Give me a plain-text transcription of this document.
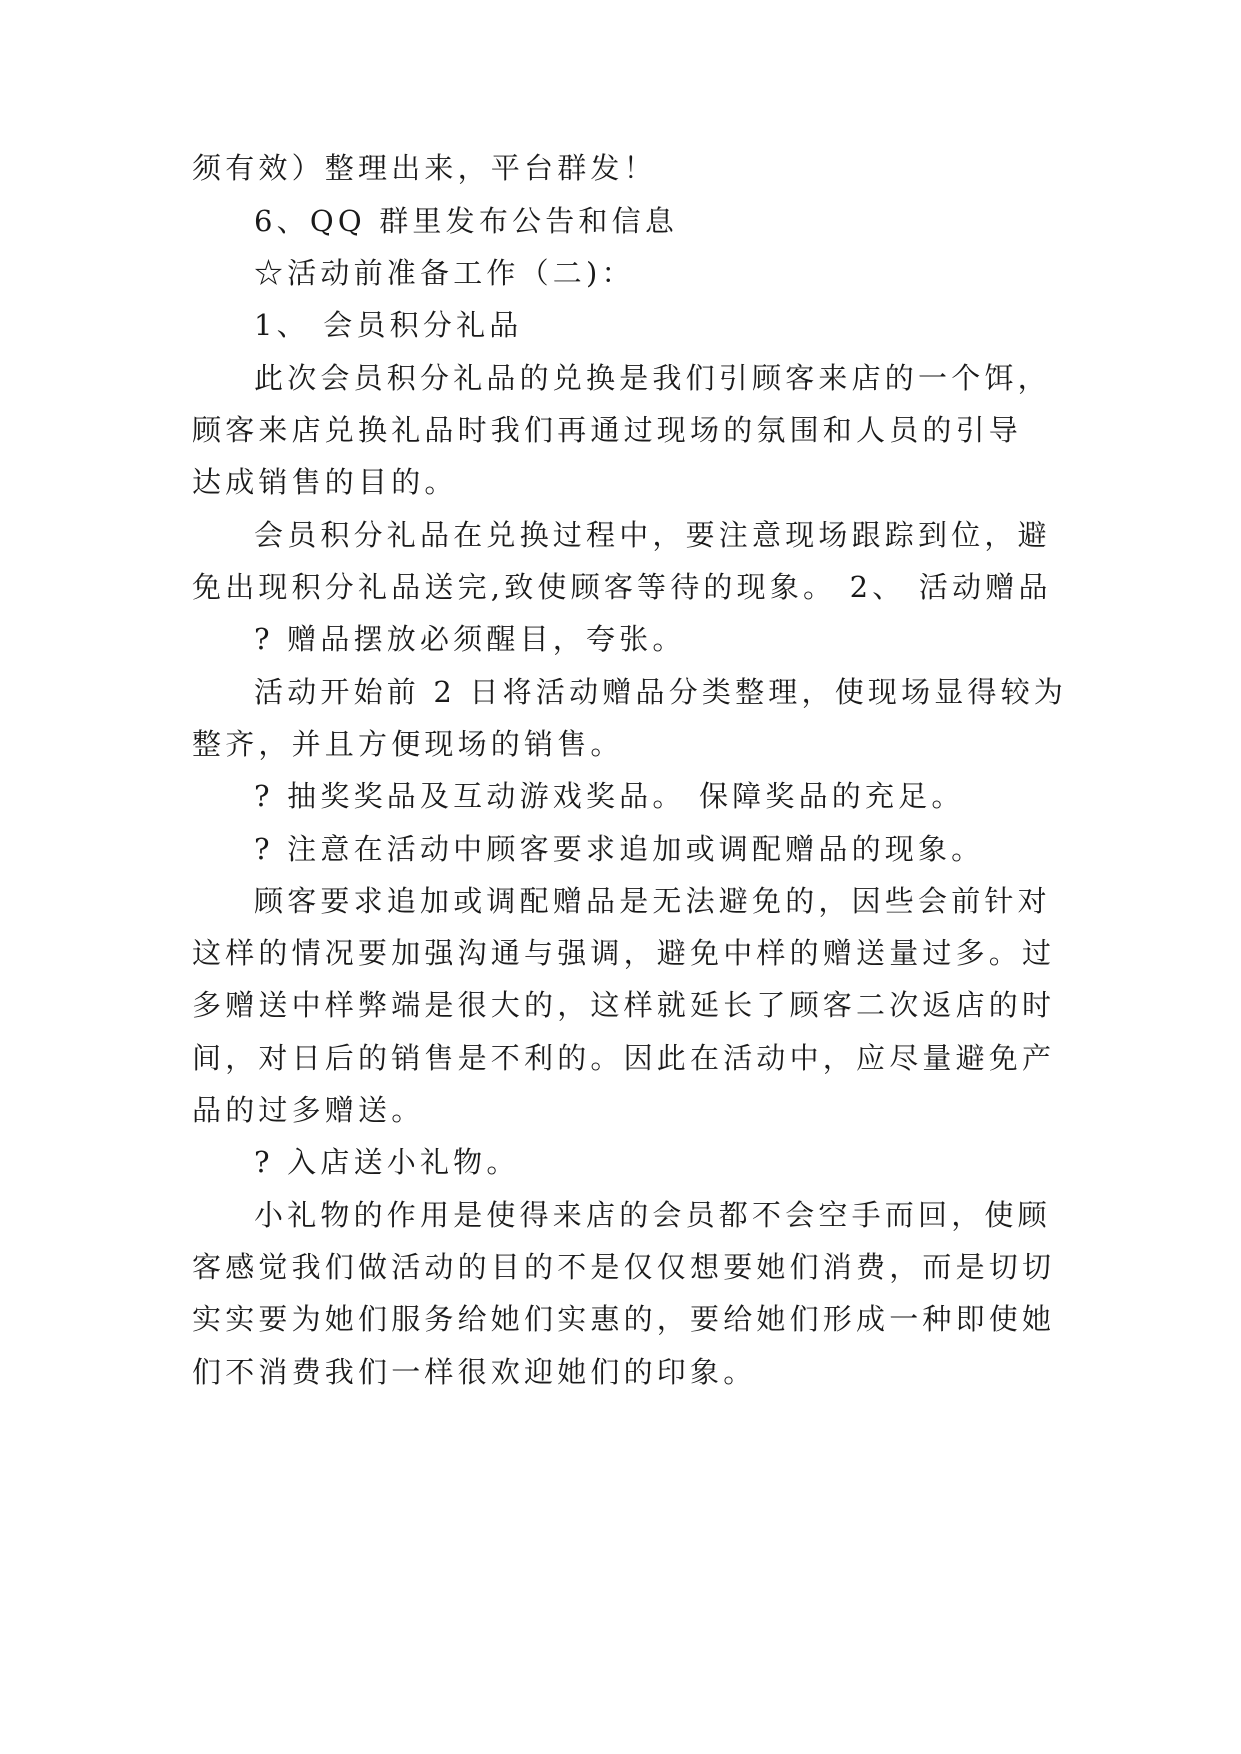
须有效）整理出来，平台群发！
6、QQ 群里发布公告和信息
☆活动前准备工作（二)：
1、 会员积分礼品
此次会员积分礼品的兑换是我们引顾客来店的一个饵，
顾客来店兑换礼品时我们再通过现场的氛围和人员的引导
达成销售的目的。
会员积分礼品在兑换过程中，要注意现场跟踪到位，避
免出现积分礼品送完,致使顾客等待的现象。 2、 活动赠品
? 赠品摆放必须醒目，夸张。
活动开始前 2 日将活动赠品分类整理，使现场显得较为
整齐，并且方便现场的销售。
? 抽奖奖品及互动游戏奖品。 保障奖品的充足。
? 注意在活动中顾客要求追加或调配赠品的现象。
顾客要求追加或调配赠品是无法避免的，因些会前针对
这样的情况要加强沟通与强调，避免中样的赠送量过多。过
多赠送中样弊端是很大的，这样就延长了顾客二次返店的时
间，对日后的销售是不利的。因此在活动中，应尽量避免产
品的过多赠送。
? 入店送小礼物。
小礼物的作用是使得来店的会员都不会空手而回，使顾
客感觉我们做活动的目的不是仅仅想要她们消费，而是切切
实实要为她们服务给她们实惠的，要给她们形成一种即使她
们不消费我们一样很欢迎她们的印象。
